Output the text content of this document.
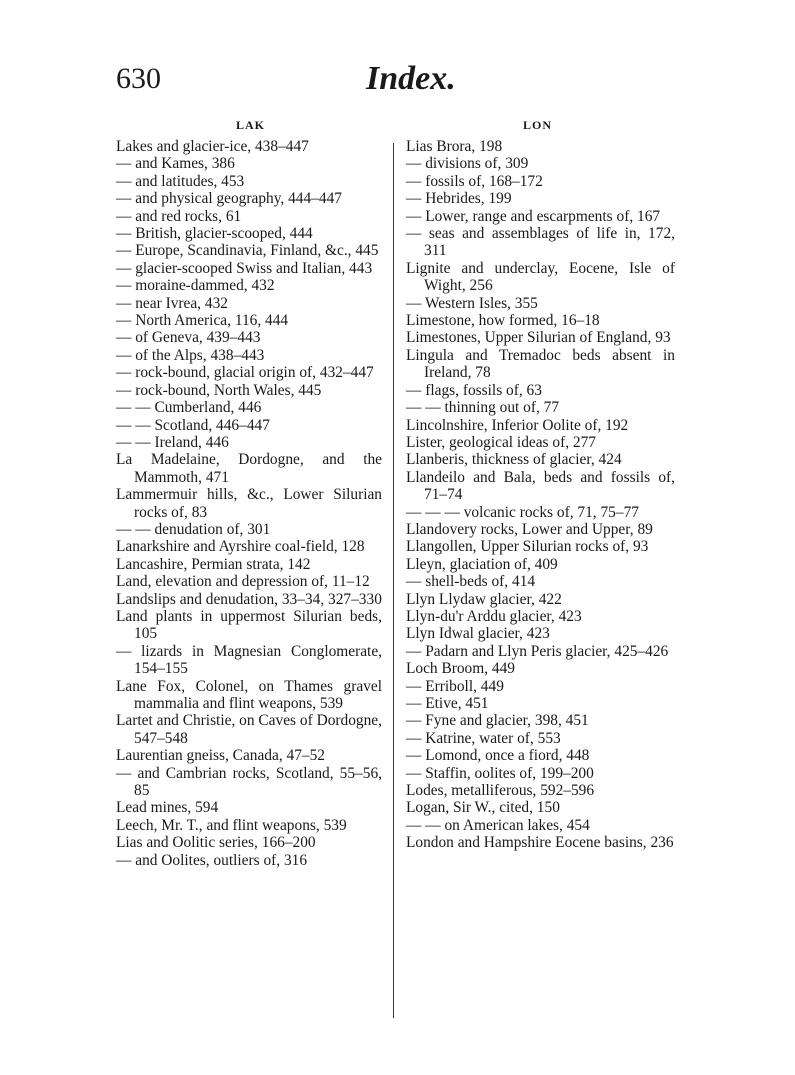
630	Index.
LAK	LON
Lakes and glacier-ice, 438–447
— and Kames, 386
— and latitudes, 453
— and physical geography, 444–447
— and red rocks, 61
— British, glacier-scooped, 444
— Europe, Scandinavia, Finland, &c., 445
— glacier-scooped Swiss and Italian, 443
— moraine-dammed, 432
— near Ivrea, 432
— North America, 116, 444
— of Geneva, 439–443
— of the Alps, 438–443
— rock-bound, glacial origin of, 432–447
— rock-bound, North Wales, 445
— — Cumberland, 446
— — Scotland, 446–447
— — Ireland, 446
La Madelaine, Dordogne, and the Mammoth, 471
Lammermuir hills, &c., Lower Silurian rocks of, 83
— — denudation of, 301
Lanarkshire and Ayrshire coal-field, 128
Lancashire, Permian strata, 142
Land, elevation and depression of, 11–12
Landslips and denudation, 33–34, 327–330
Land plants in uppermost Silurian beds, 105
— lizards in Magnesian Conglomerate, 154–155
Lane Fox, Colonel, on Thames gravel mammalia and flint weapons, 539
Lartet and Christie, on Caves of Dordogne, 547–548
Laurentian gneiss, Canada, 47–52
— and Cambrian rocks, Scotland, 55–56, 85
Lead mines, 594
Leech, Mr. T., and flint weapons, 539
Lias and Oolitic series, 166–200
— and Oolites, outliers of, 316
Lias Brora, 198
— divisions of, 309
— fossils of, 168–172
— Hebrides, 199
— Lower, range and escarpments of, 167
— seas and assemblages of life in, 172, 311
Lignite and underclay, Eocene, Isle of Wight, 256
— Western Isles, 355
Limestone, how formed, 16–18
Limestones, Upper Silurian of England, 93
Lingula and Tremadoc beds absent in Ireland, 78
— flags, fossils of, 63
— — thinning out of, 77
Lincolnshire, Inferior Oolite of, 192
Lister, geological ideas of, 277
Llanberis, thickness of glacier, 424
Llandeilo and Bala, beds and fossils of, 71–74
— — — volcanic rocks of, 71, 75–77
Llandovery rocks, Lower and Upper, 89
Llangollen, Upper Silurian rocks of, 93
Lleyn, glaciation of, 409
— shell-beds of, 414
Llyn Llydaw glacier, 422
Llyn-du'r Arddu glacier, 423
Llyn Idwal glacier, 423
— Padarn and Llyn Peris glacier, 425–426
Loch Broom, 449
— Erriboll, 449
— Etive, 451
— Fyne and glacier, 398, 451
— Katrine, water of, 553
— Lomond, once a fiord, 448
— Staffin, oolites of, 199–200
Lodes, metalliferous, 592–596
Logan, Sir W., cited, 150
— — on American lakes, 454
London and Hampshire Eocene basins, 236
